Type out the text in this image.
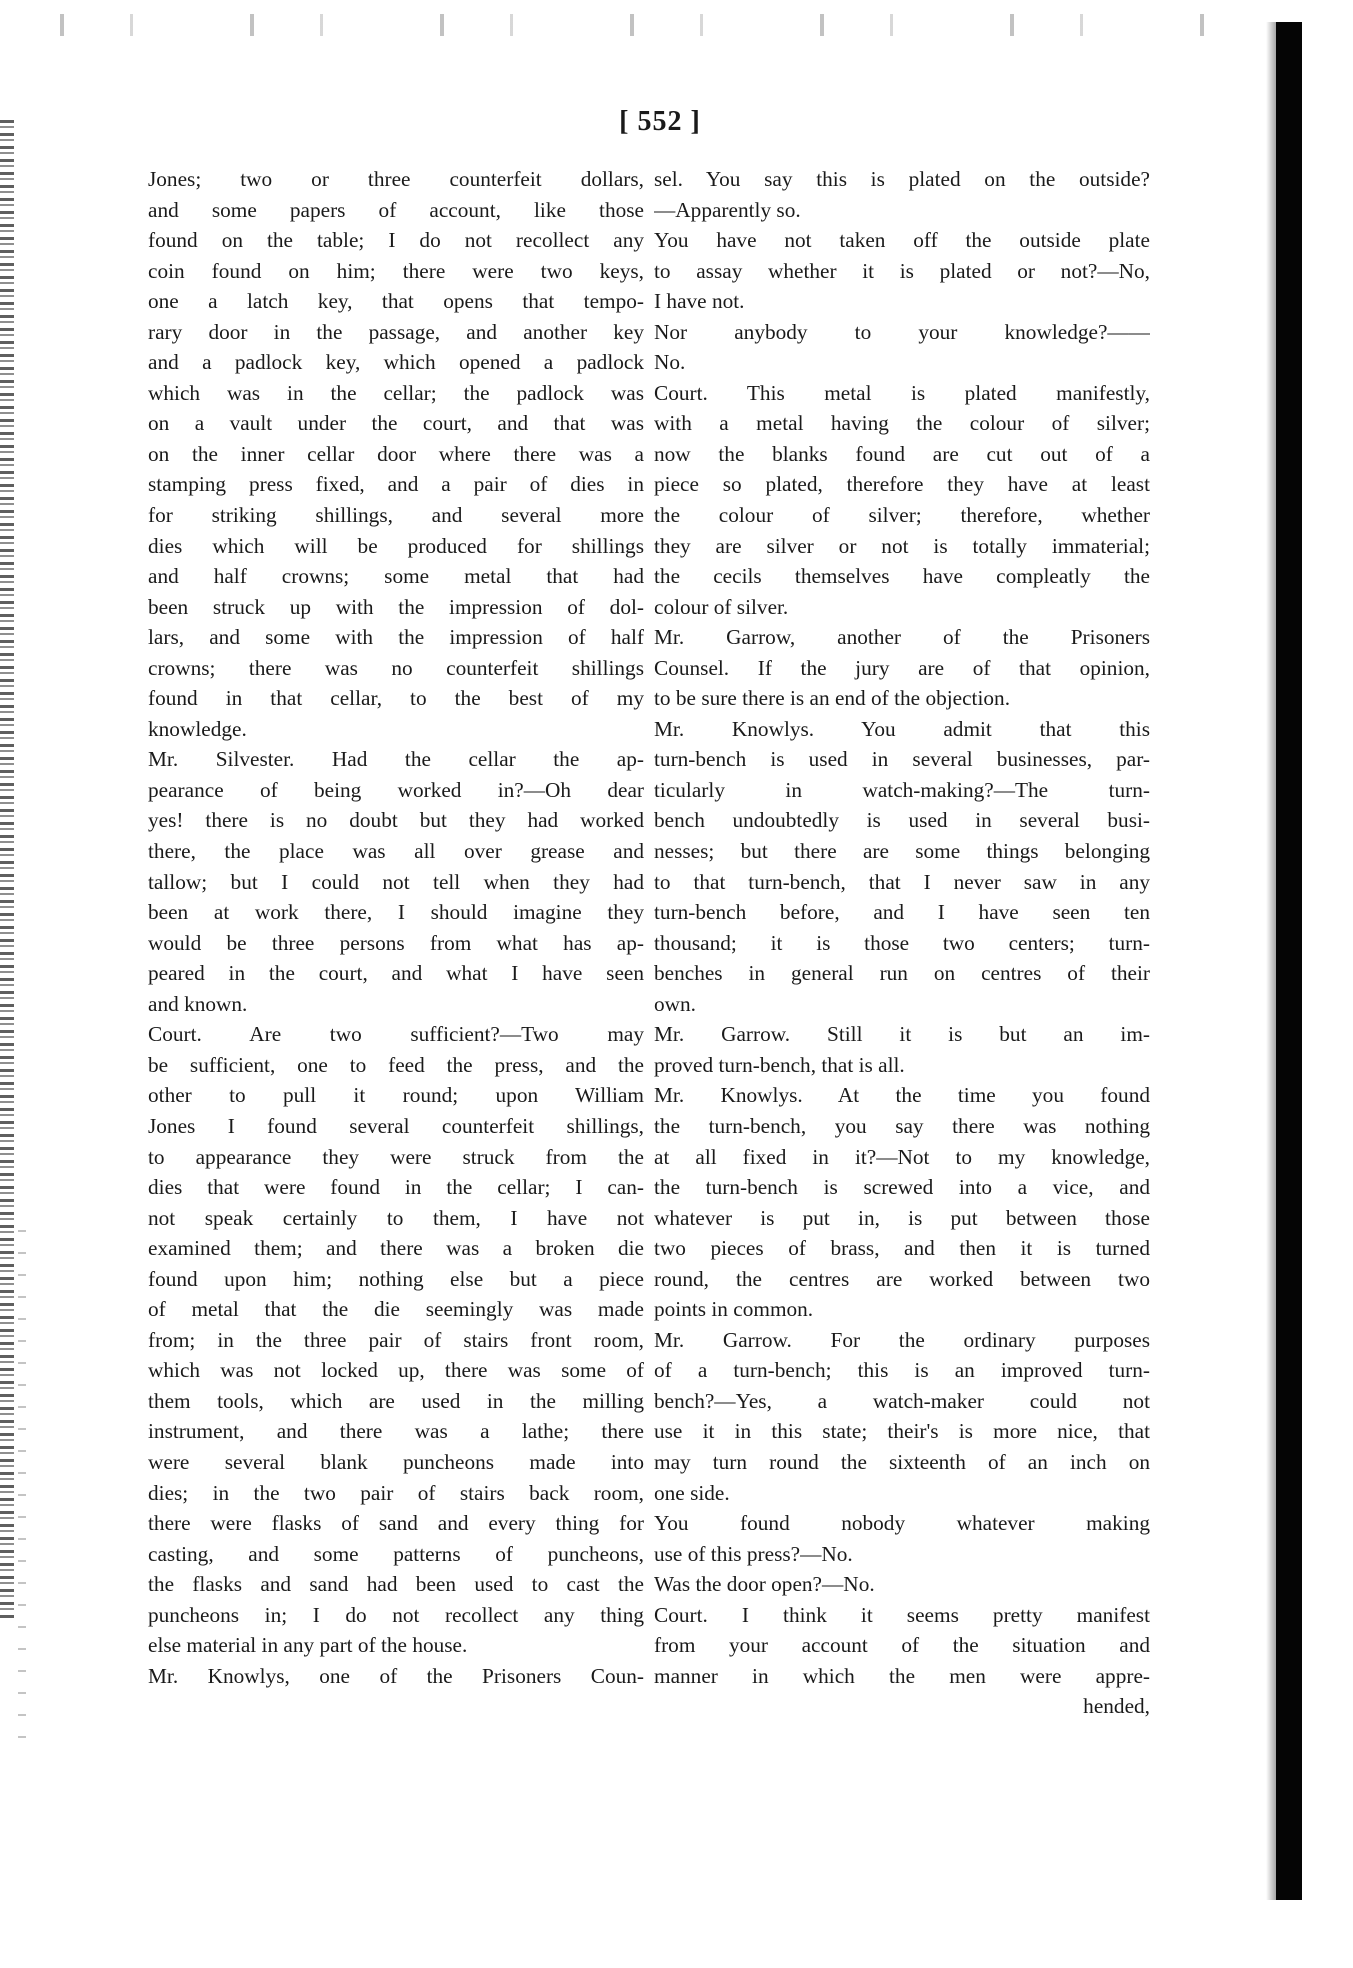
[ 552 ]
Jones; two or three counterfeit dollars,
and some papers of account, like those
found on the table; I do not recollect any
coin found on him; there were two keys,
one a latch key, that opens that tempo-
rary door in the passage, and another key
and a padlock key, which opened a padlock
which was in the cellar; the padlock was
on a vault under the court, and that was
on the inner cellar door where there was a
stamping press fixed, and a pair of dies in
for striking shillings, and several more
dies which will be produced for shillings
and half crowns; some metal that had
been struck up with the impression of dol-
lars, and some with the impression of half
crowns; there was no counterfeit shillings
found in that cellar, to the best of my
knowledge.
Mr. Silvester. Had the cellar the ap-
pearance of being worked in?—Oh dear
yes! there is no doubt but they had worked
there, the place was all over grease and
tallow; but I could not tell when they had
been at work there, I should imagine they
would be three persons from what has ap-
peared in the court, and what I have seen
and known.
Court. Are two sufficient?—Two may
be sufficient, one to feed the press, and the
other to pull it round; upon William
Jones I found several counterfeit shillings,
to appearance they were struck from the
dies that were found in the cellar; I can-
not speak certainly to them, I have not
examined them; and there was a broken die
found upon him; nothing else but a piece
of metal that the die seemingly was made
from; in the three pair of stairs front room,
which was not locked up, there was some of
them tools, which are used in the milling
instrument, and there was a lathe; there
were several blank puncheons made into
dies; in the two pair of stairs back room,
there were flasks of sand and every thing for
casting, and some patterns of puncheons,
the flasks and sand had been used to cast the
puncheons in; I do not recollect any thing
else material in any part of the house.
Mr. Knowlys, one of the Prisoners Coun-
sel. You say this is plated on the outside?
—Apparently so.
You have not taken off the outside plate
to assay whether it is plated or not?—No,
I have not.
Nor anybody to your knowledge?——
No.
Court. This metal is plated manifestly,
with a metal having the colour of silver;
now the blanks found are cut out of a
piece so plated, therefore they have at least
the colour of silver; therefore, whether
they are silver or not is totally immaterial;
the cecils themselves have compleatly the
colour of silver.
Mr. Garrow, another of the Prisoners
Counsel. If the jury are of that opinion,
to be sure there is an end of the objection.
Mr. Knowlys. You admit that this
turn-bench is used in several businesses, par-
ticularly in watch-making?—The turn-
bench undoubtedly is used in several busi-
nesses; but there are some things belonging
to that turn-bench, that I never saw in any
turn-bench before, and I have seen ten
thousand; it is those two centers; turn-
benches in general run on centres of their
own.
Mr. Garrow. Still it is but an im-
proved turn-bench, that is all.
Mr. Knowlys. At the time you found
the turn-bench, you say there was nothing
at all fixed in it?—Not to my knowledge,
the turn-bench is screwed into a vice, and
whatever is put in, is put between those
two pieces of brass, and then it is turned
round, the centres are worked between two
points in common.
Mr. Garrow. For the ordinary purposes
of a turn-bench; this is an improved turn-
bench?—Yes, a watch-maker could not
use it in this state; their's is more nice, that
may turn round the sixteenth of an inch on
one side.
You found nobody whatever making
use of this press?—No.
Was the door open?—No.
Court. I think it seems pretty manifest
from your account of the situation and
manner in which the men were appre-
hended,
